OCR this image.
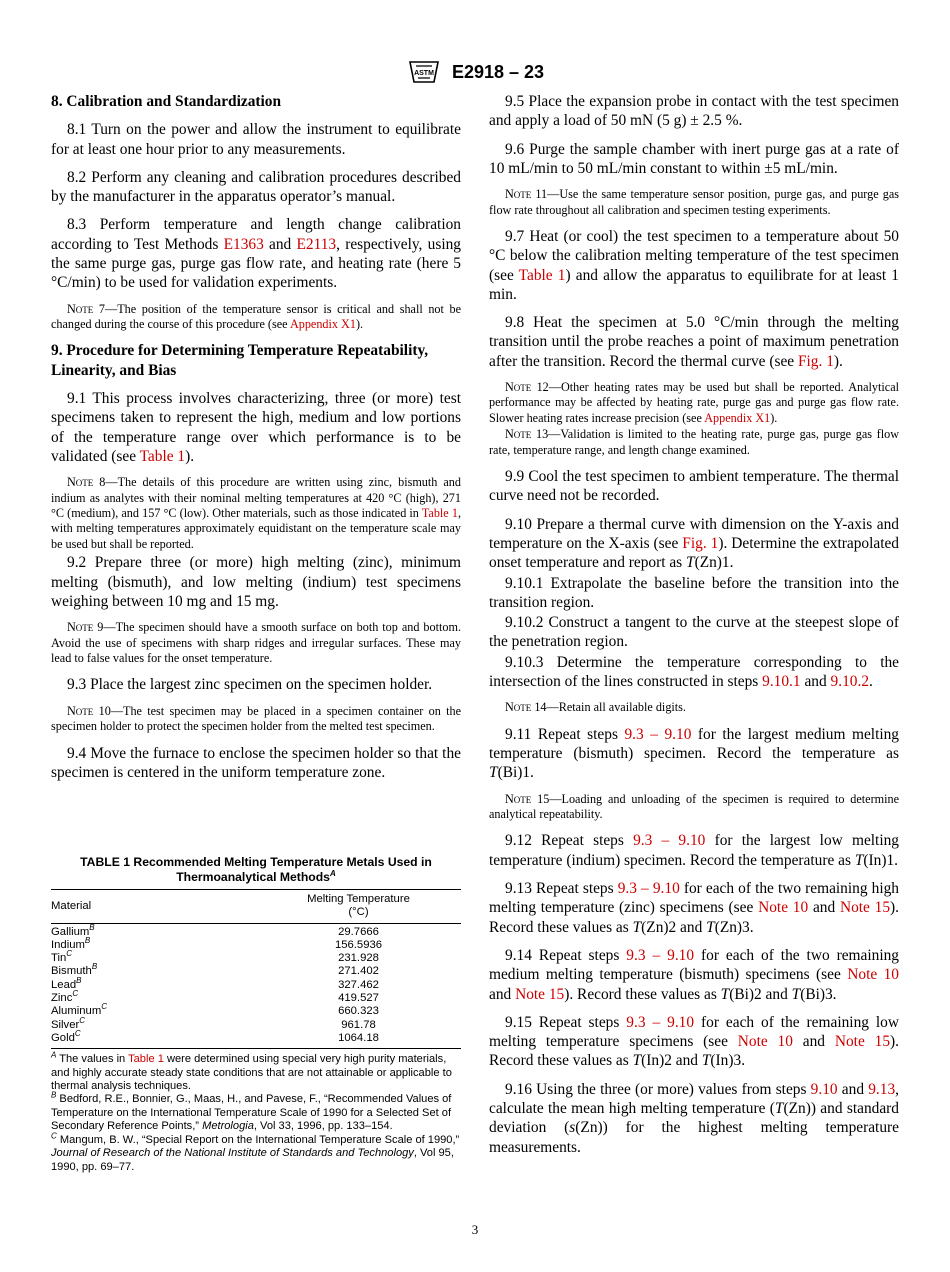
ASTM E2918 – 23

8. Calibration and Standardization

8.1 Turn on the power and allow the instrument to equilibrate for at least one hour prior to any measurements.

8.2 Perform any cleaning and calibration procedures described by the manufacturer in the apparatus operator’s manual.

8.3 Perform temperature and length change calibration according to Test Methods E1363 and E2113, respectively, using the same purge gas, purge gas flow rate, and heating rate (here 5 °C/min) to be used for validation experiments.

Note 7—The position of the temperature sensor is critical and shall not be changed during the course of this procedure (see Appendix X1).

9. Procedure for Determining Temperature Repeatability, Linearity, and Bias

9.1 This process involves characterizing, three (or more) test specimens taken to represent the high, medium and low portions of the temperature range over which performance is to be validated (see Table 1).

Note 8—The details of this procedure are written using zinc, bismuth and indium as analytes with their nominal melting temperatures at 420 °C (high), 271 °C (medium), and 157 °C (low). Other materials, such as those indicated in Table 1, with melting temperatures approximately equidistant on the temperature scale may be used but shall be reported.

9.2 Prepare three (or more) high melting (zinc), minimum melting (bismuth), and low melting (indium) test specimens weighing between 10 mg and 15 mg.

Note 9—The specimen should have a smooth surface on both top and bottom. Avoid the use of specimens with sharp ridges and irregular surfaces. These may lead to false values for the onset temperature.

9.3 Place the largest zinc specimen on the specimen holder.

Note 10—The test specimen may be placed in a specimen container on the specimen holder to protect the specimen holder from the melted test specimen.

9.4 Move the furnace to enclose the specimen holder so that the specimen is centered in the uniform temperature zone.

TABLE 1 Recommended Melting Temperature Metals Used in Thermoanalytical Methods$^A$
Material	Melting Temperature
(°C)
Gallium$^B$	29.7666
Indium$^B$	156.5936
Tin$^C$	231.928
Bismuth$^B$	271.402
Lead$^B$	327.462
Zinc$^C$	419.527
Aluminum$^C$	660.323
Silver$^C$	961.78
Gold$^C$	1064.18

$^A$ The values in Table 1 were determined using special very high purity materials, and highly accurate steady state conditions that are not attainable or applicable to thermal analysis techniques.

$^B$ Bedford, R.E., Bonnier, G., Maas, H., and Pavese, F., “Recommended Values of Temperature on the International Temperature Scale of 1990 for a Selected Set of Secondary Reference Points,” Metrologia, Vol 33, 1996, pp. 133–154.

$^C$ Mangum, B. W., “Special Report on the International Temperature Scale of 1990,” Journal of Research of the National Institute of Standards and Technology, Vol 95, 1990, pp. 69–77.

9.5 Place the expansion probe in contact with the test specimen and apply a load of 50 mN (5 g) ± 2.5 %.

9.6 Purge the sample chamber with inert purge gas at a rate of 10 mL/min to 50 mL/min constant to within ±5 mL/min.

Note 11—Use the same temperature sensor position, purge gas, and purge gas flow rate throughout all calibration and specimen testing experiments.

9.7 Heat (or cool) the test specimen to a temperature about 50 °C below the calibration melting temperature of the test specimen (see Table 1) and allow the apparatus to equilibrate for at least 1 min.

9.8 Heat the specimen at 5.0 °C/min through the melting transition until the probe reaches a point of maximum penetration after the transition. Record the thermal curve (see Fig. 1).

Note 12—Other heating rates may be used but shall be reported. Analytical performance may be affected by heating rate, purge gas and purge gas flow rate. Slower heating rates increase precision (see Appendix X1).

Note 13—Validation is limited to the heating rate, purge gas, purge gas flow rate, temperature range, and length change examined.

9.9 Cool the test specimen to ambient temperature. The thermal curve need not be recorded.

9.10 Prepare a thermal curve with dimension on the Y-axis and temperature on the X-axis (see Fig. 1). Determine the extrapolated onset temperature and report as T(Zn)1.

9.10.1 Extrapolate the baseline before the transition into the transition region.

9.10.2 Construct a tangent to the curve at the steepest slope of the penetration region.

9.10.3 Determine the temperature corresponding to the intersection of the lines constructed in steps 9.10.1 and 9.10.2.

Note 14—Retain all available digits.

9.11 Repeat steps 9.3 – 9.10 for the largest medium melting temperature (bismuth) specimen. Record the temperature as T(Bi)1.

Note 15—Loading and unloading of the specimen is required to determine analytical repeatability.

9.12 Repeat steps 9.3 – 9.10 for the largest low melting temperature (indium) specimen. Record the temperature as T(In)1.

9.13 Repeat steps 9.3 – 9.10 for each of the two remaining high melting temperature (zinc) specimens (see Note 10 and Note 15). Record these values as T(Zn)2 and T(Zn)3.

9.14 Repeat steps 9.3 – 9.10 for each of the two remaining medium melting temperature (bismuth) specimens (see Note 10 and Note 15). Record these values as T(Bi)2 and T(Bi)3.

9.15 Repeat steps 9.3 – 9.10 for each of the remaining low melting temperature specimens (see Note 10 and Note 15). Record these values as T(In)2 and T(In)3.

9.16 Using the three (or more) values from steps 9.10 and 9.13, calculate the mean high melting temperature (T(Zn)) and standard deviation (s(Zn)) for the highest melting temperature measurements.

3
